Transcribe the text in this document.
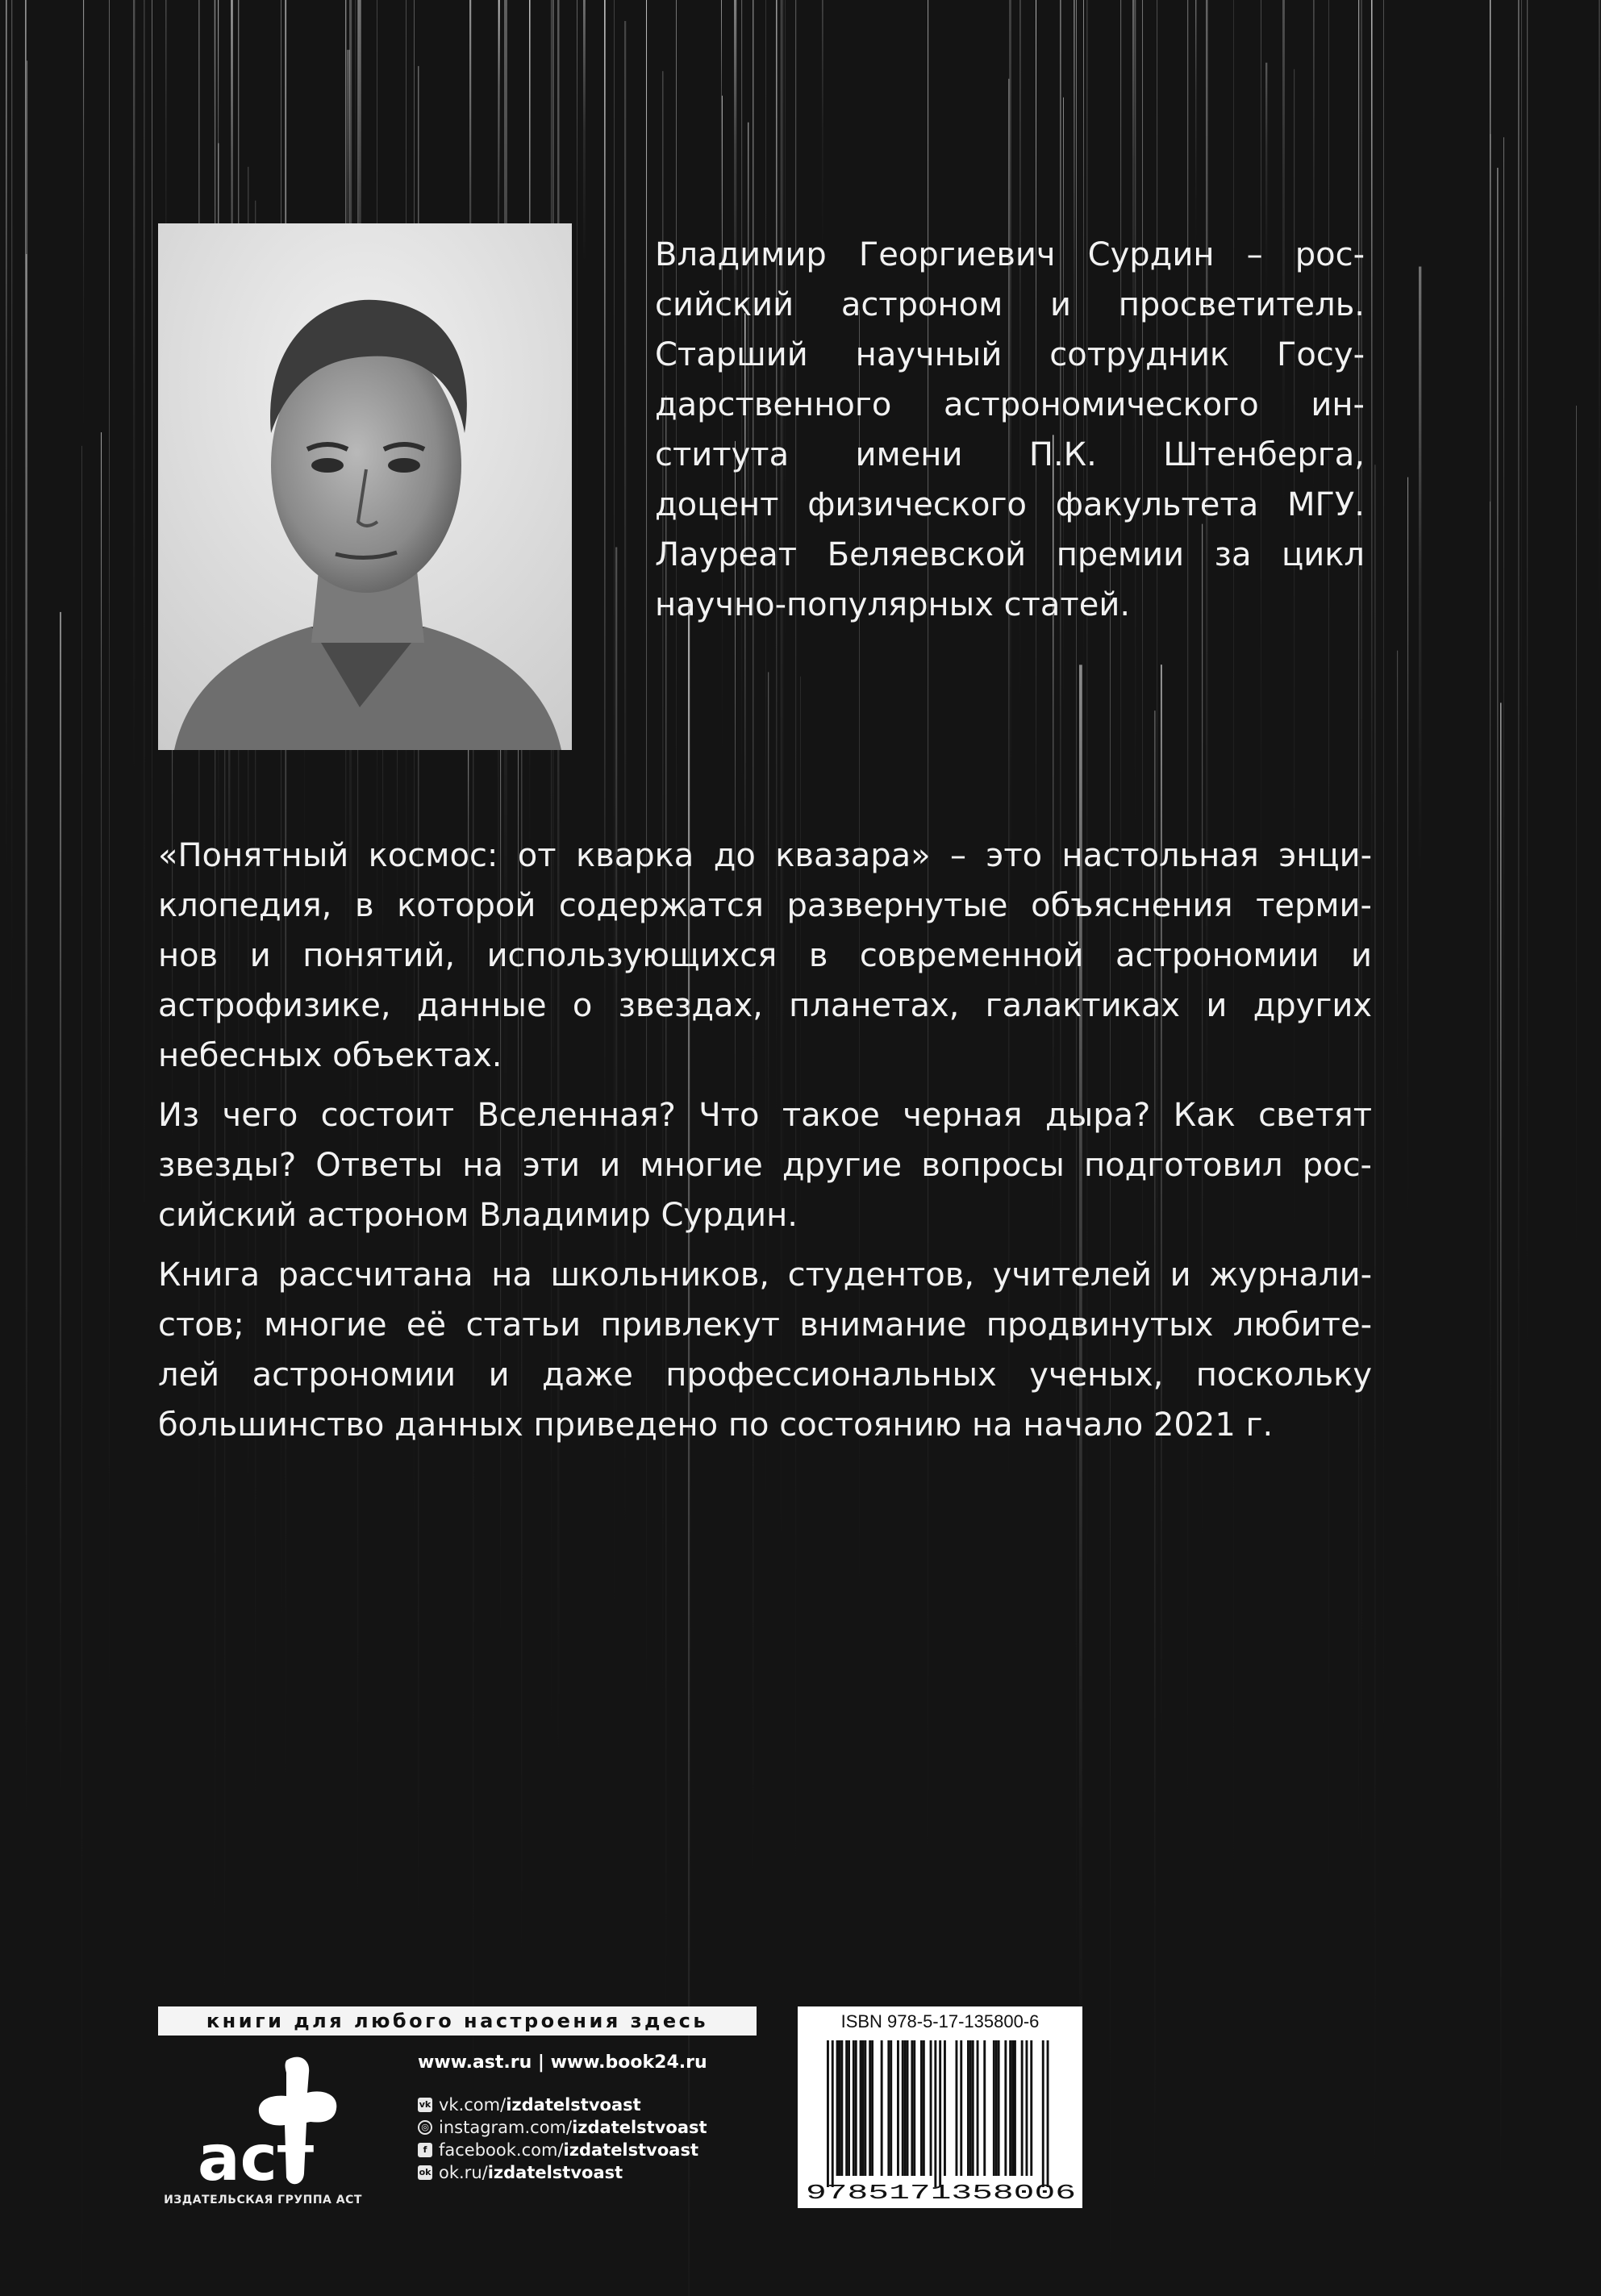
Владимир Георгиевич Сурдин – рос-
сийский астроном и просветитель.
Старший научный сотрудник Госу-
дарственного астрономического ин-
ститута имени П.К. Штенберга,
доцент физического факультета МГУ.
Лауреат Беляевской премии за цикл
научно-популярных статей.

«Понятный космос: от кварка до квазара» – это настольная энци-
клопедия, в которой содержатся развернутые объяснения терми-
нов и понятий, использующихся в современной астрономии и
астрофизике, данные о звездах, планетах, галактиках и других
небесных объектах.

Из чего состоит Вселенная? Что такое черная дыра? Как светят
звезды? Ответы на эти и многие другие вопросы подготовил рос-
сийский астроном Владимир Сурдин.

Книга рассчитана на школьников, студентов, учителей и журнали-
стов; многие её статьи привлекут внимание продвинутых любите-
лей астрономии и даже профессиональных ученых, поскольку
большинство данных приведено по состоянию на начало 2021 г.

книги для любого настроения здесь
аст
ИЗДАТЕЛЬСКАЯ ГРУППА АСТ
www.ast.ru | www.book24.ru
vk vk.com/ izdatelstvoast
◎ instagram.com/ izdatelstvoast
f facebook.com/ izdatelstvoast
ok ok.ru/ izdatelstvoast
ISBN 978-5-17-135800-6
9785171358006
